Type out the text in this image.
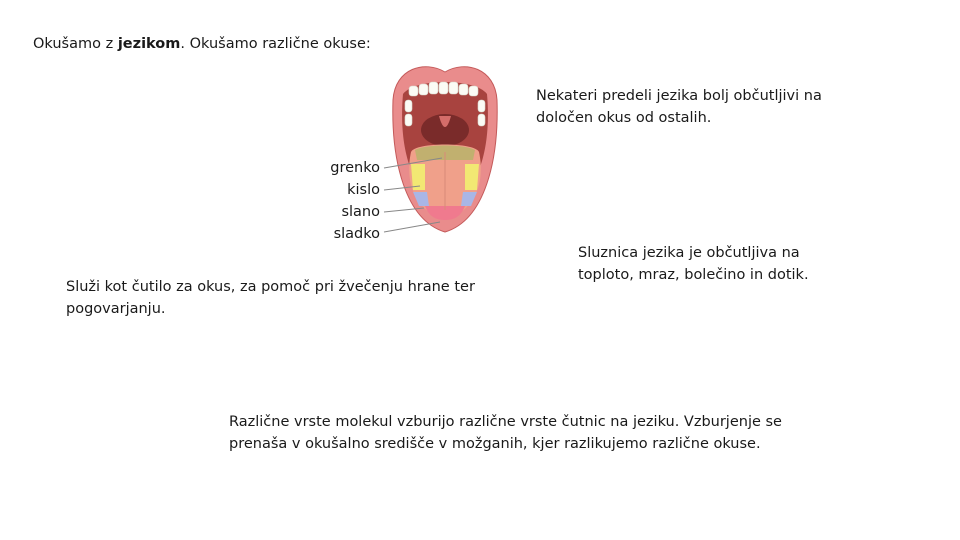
Okušamo z jezikom. Okušamo različne okuse:
Nekateri predeli jezika bolj občutljivi na določen okus od ostalih.
grenko
kislo
slano
sladko
Služi kot čutilo za okus, za pomoč pri žvečenju hrane ter pogovarjanju.
Sluznica jezika je občutljiva na toploto, mraz, bolečino in dotik.
Različne vrste molekul vzburijo različne vrste čutnic na jeziku. Vzburjenje se prenaša v okušalno središče v možganih, kjer razlikujemo različne okuse.
